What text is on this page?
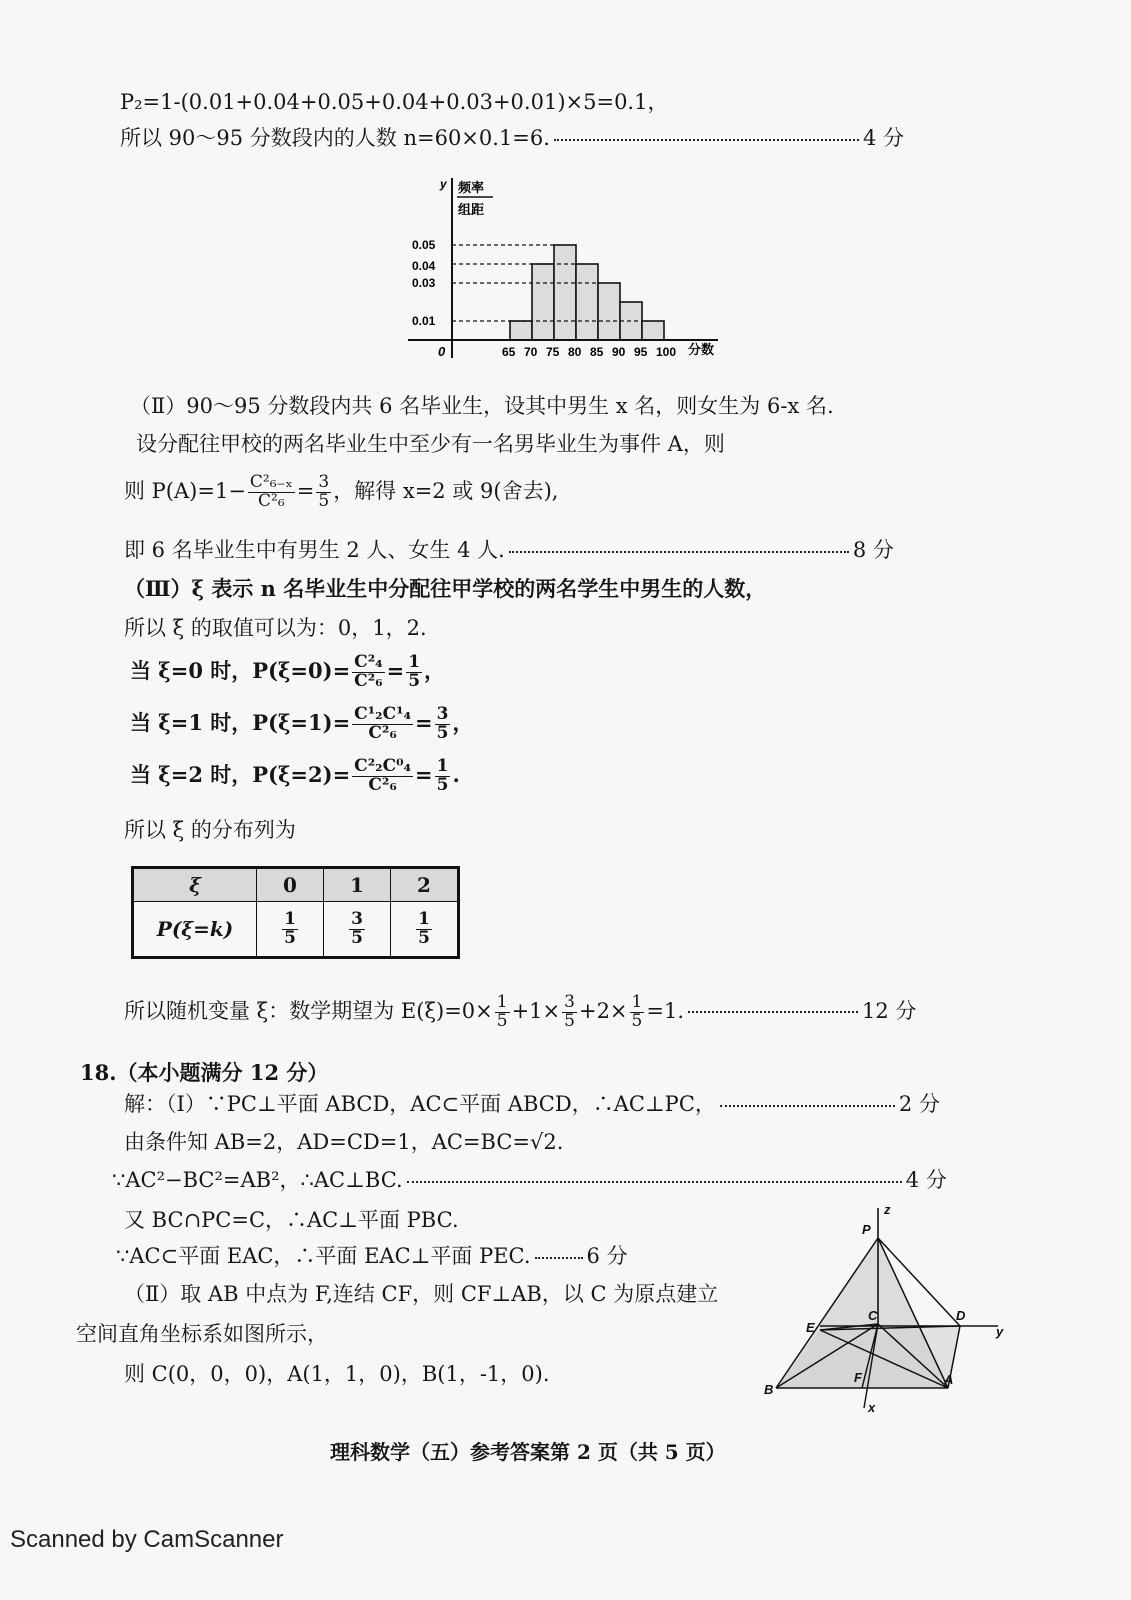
P₂=1-(0.01+0.04+0.05+0.04+0.03+0.01)×5=0.1，
所以 90～95 分数段内的人数 n=60×0.1=6.	4 分
y 频率
组距
0
0.05
0.04
0.03
0.01
65 70 75 80 85 90 95 100 分数
（Ⅱ）90～95 分数段内共 6 名毕业生，设其中男生 x 名，则女生为 6-x 名.
设分配往甲校的两名毕业生中至少有一名男毕业生为事件 A，则
则 $P(A)=1- \frac{\text{C²₆₋ₓ}}{\text{C²₆}} = \frac{3}{5}$ ，解得 x=2 或 9(舍去),
即 6 名毕业生中有男生 2 人、女生 4 人.	8 分
（Ⅲ）ξ 表示 n 名毕业生中分配往甲学校的两名学生中男生的人数，
所以 ξ 的取值可以为：0，1，2.
当 ξ=0 时，$P(\xi=0)= \frac{\text{C²₄}}{\text{C²₆}} = \frac{1}{5}$ ，
当 ξ=1 时，$P(\xi=1)= \frac{\text{C¹₂C¹₄}}{\text{C²₆}} = \frac{3}{5}$ ，
当 ξ=2 时，$P(\xi=2)= \frac{\text{C²₂C⁰₄}}{\text{C²₆}} = \frac{1}{5}$ .
所以 ξ 的分布列为
ξ	0	1	2
P(ξ=k)	$\frac{1}{5}$	$\frac{3}{5}$	$\frac{1}{5}$
所以随机变量 ξ：数学期望为 $E(\xi)=0\times \frac{1}{5} +1\times \frac{3}{5} +2\times \frac{1}{5} =1$.	12 分
18.（本小题满分 12 分）
解：（Ⅰ）∵PC⊥平面 ABCD，AC⊂平面 ABCD，∴AC⊥PC，	2 分
由条件知 AB=2，AD=CD=1，AC=BC=√2.
∵AC²−BC²=AB²，∴AC⊥BC.	4 分
又 BC∩PC=C，∴AC⊥平面 PBC.
∵AC⊂平面 EAC，∴平面 EAC⊥平面 PEC.	6 分
（Ⅱ）取 AB 中点为 F,连结 CF，则 CF⊥AB，以 C 为原点建立
空间直角坐标系如图所示，
则 C(0，0，0)，A(1，1，0)，B(1，-1，0).
P
z
E
C	D
y
B
F	A
x
理科数学（五）参考答案第 2 页（共 5 页）
Scanned by CamScanner
